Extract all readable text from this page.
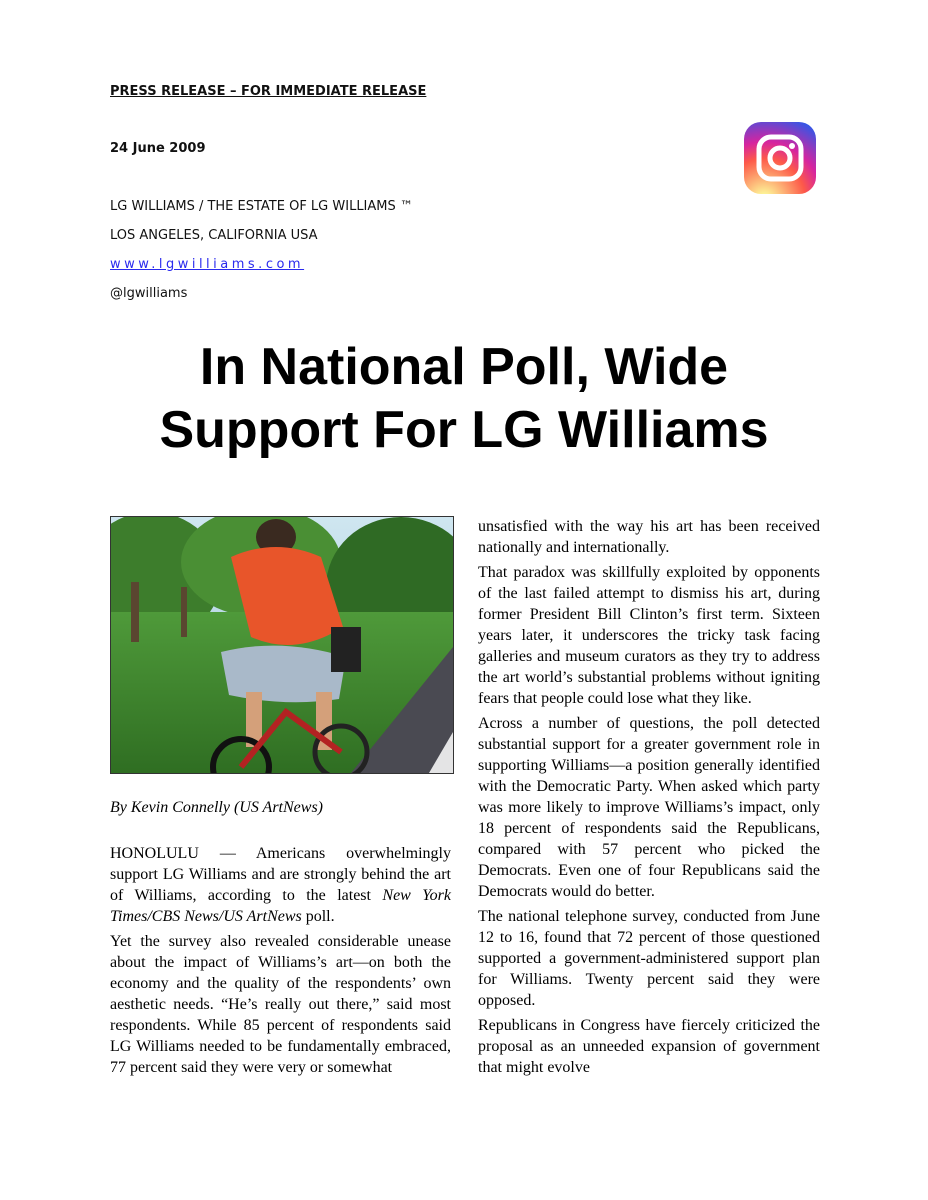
PRESS RELEASE – FOR IMMEDIATE RELEASE
24 June 2009
LG WILLIAMS / THE ESTATE OF LG WILLIAMS ™
LOS ANGELES, CALIFORNIA USA
www.lgwilliams.com
@lgwilliams
In National Poll, Wide
Support For LG Williams
By Kevin Connelly (US ArtNews)

HONOLULU — Americans overwhelmingly support LG Williams and are strongly behind the art of Williams, according to the latest New York Times/CBS News/US ArtNews poll.

Yet the survey also revealed considerable unease about the impact of Williams’s art—on both the economy and the quality of the respondents’ own aesthetic needs. “He’s really out there,” said most respondents. While 85 percent of respondents said LG Williams needed to be fundamentally embraced, 77 percent said they were very or somewhat

unsatisfied with the way his art has been received nationally and internationally.

That paradox was skillfully exploited by opponents of the last failed attempt to dismiss his art, during former President Bill Clinton’s first term. Sixteen years later, it underscores the tricky task facing galleries and museum curators as they try to address the art world’s substantial problems without igniting fears that people could lose what they like.

Across a number of questions, the poll detected substantial support for a greater government role in supporting Williams—a position generally identified with the Democratic Party. When asked which party was more likely to improve Williams’s impact, only 18 percent of respondents said the Republicans, compared with 57 percent who picked the Democrats. Even one of four Republicans said the Democrats would do better.

The national telephone survey, conducted from June 12 to 16, found that 72 percent of those questioned supported a government-administered support plan for Williams. Twenty percent said they were opposed.

Republicans in Congress have fiercely criticized the proposal as an unneeded expansion of government that might evolve
